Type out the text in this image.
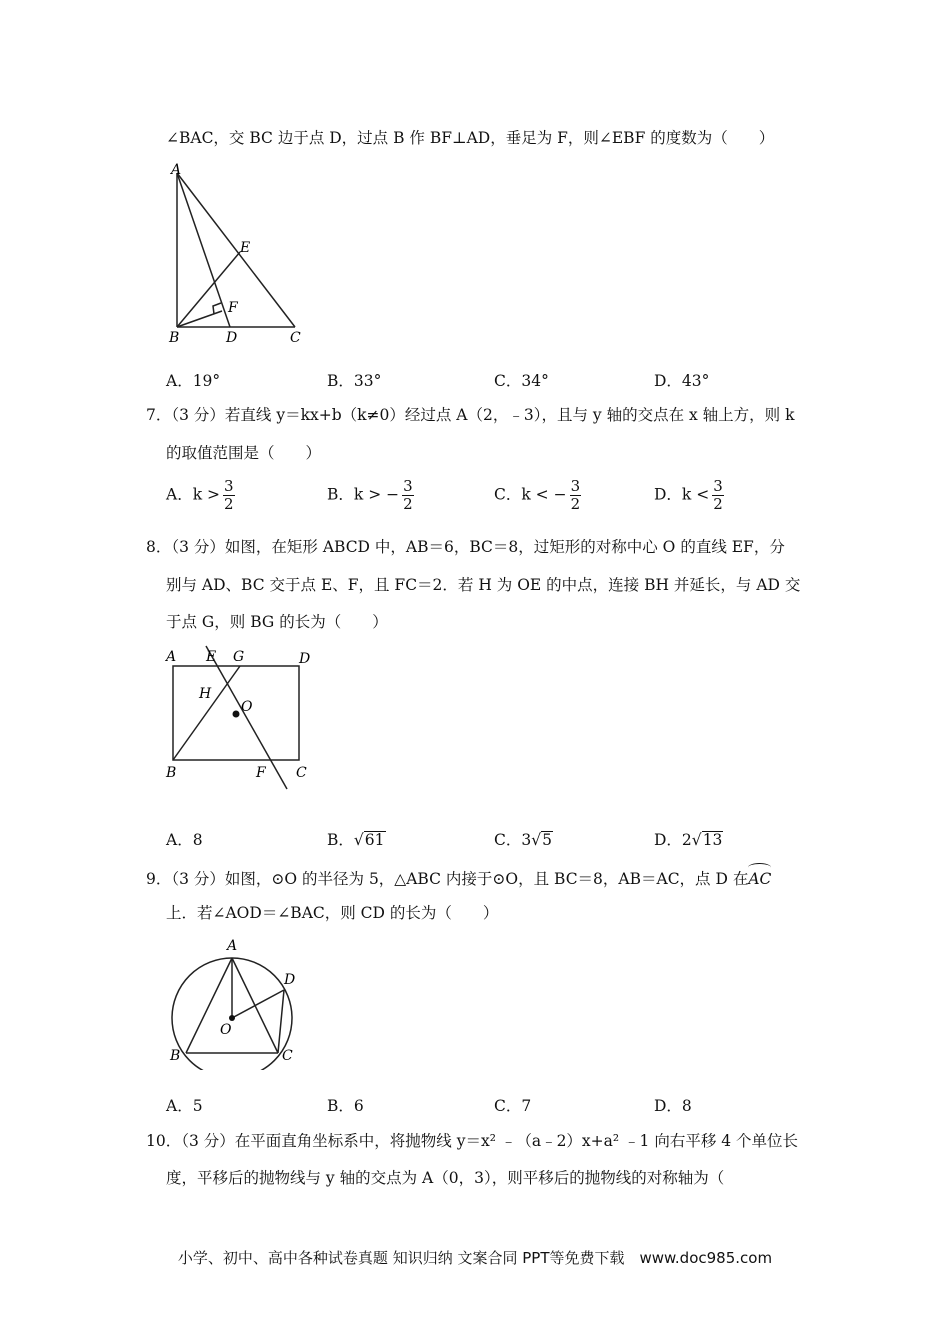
∠BAC，交 BC 边于点 D，过点 B 作 BF⊥AD，垂足为 F，则∠EBF 的度数为（　　）
A
E
F
B	D	C
A．19°	B．33°	C．34°	D．43°
7．（3 分）若直线 y＝kx+b（k≠0）经过点 A（2，﹣3），且与 y 轴的交点在 x 轴上方，则 k
的取值范围是（　　）
A．$k > \frac{3}{2}$	B．k > − $\frac{3}{2}$	C．k < − $\frac{3}{2}$	D．$k < \frac{3}{2}$
8．（3 分）如图，在矩形 ABCD 中，AB＝6，BC＝8，过矩形的对称中心 O 的直线 EF，分
别与 AD、BC 交于点 E、F，且 FC＝2．若 H 为 OE 的中点，连接 BH 并延长，与 AD 交
于点 G，则 BG 的长为（　　）
A E G	D
H
O
B	F C
A．8	B．√61	C．3√5	D．2√13
9．（3 分）如图，⊙O 的半径为 5，△ABC 内接于⊙O，且 BC＝8，AB＝AC，点 D 在AC
上．若∠AOD＝∠BAC，则 CD 的长为（　　）
A
D
O
B	C
A．5	B．6	C．7	D．8
10．（3 分）在平面直角坐标系中，将抛物线 y＝x² ﹣（a﹣2）x+a² ﹣1 向右平移 4 个单位长
度，平移后的抛物线与 y 轴的交点为 A（0，3），则平移后的抛物线的对称轴为（
小学、初中、高中各种试卷真题 知识归纳 文案合同 PPT等免费下载　www.doc985.com
